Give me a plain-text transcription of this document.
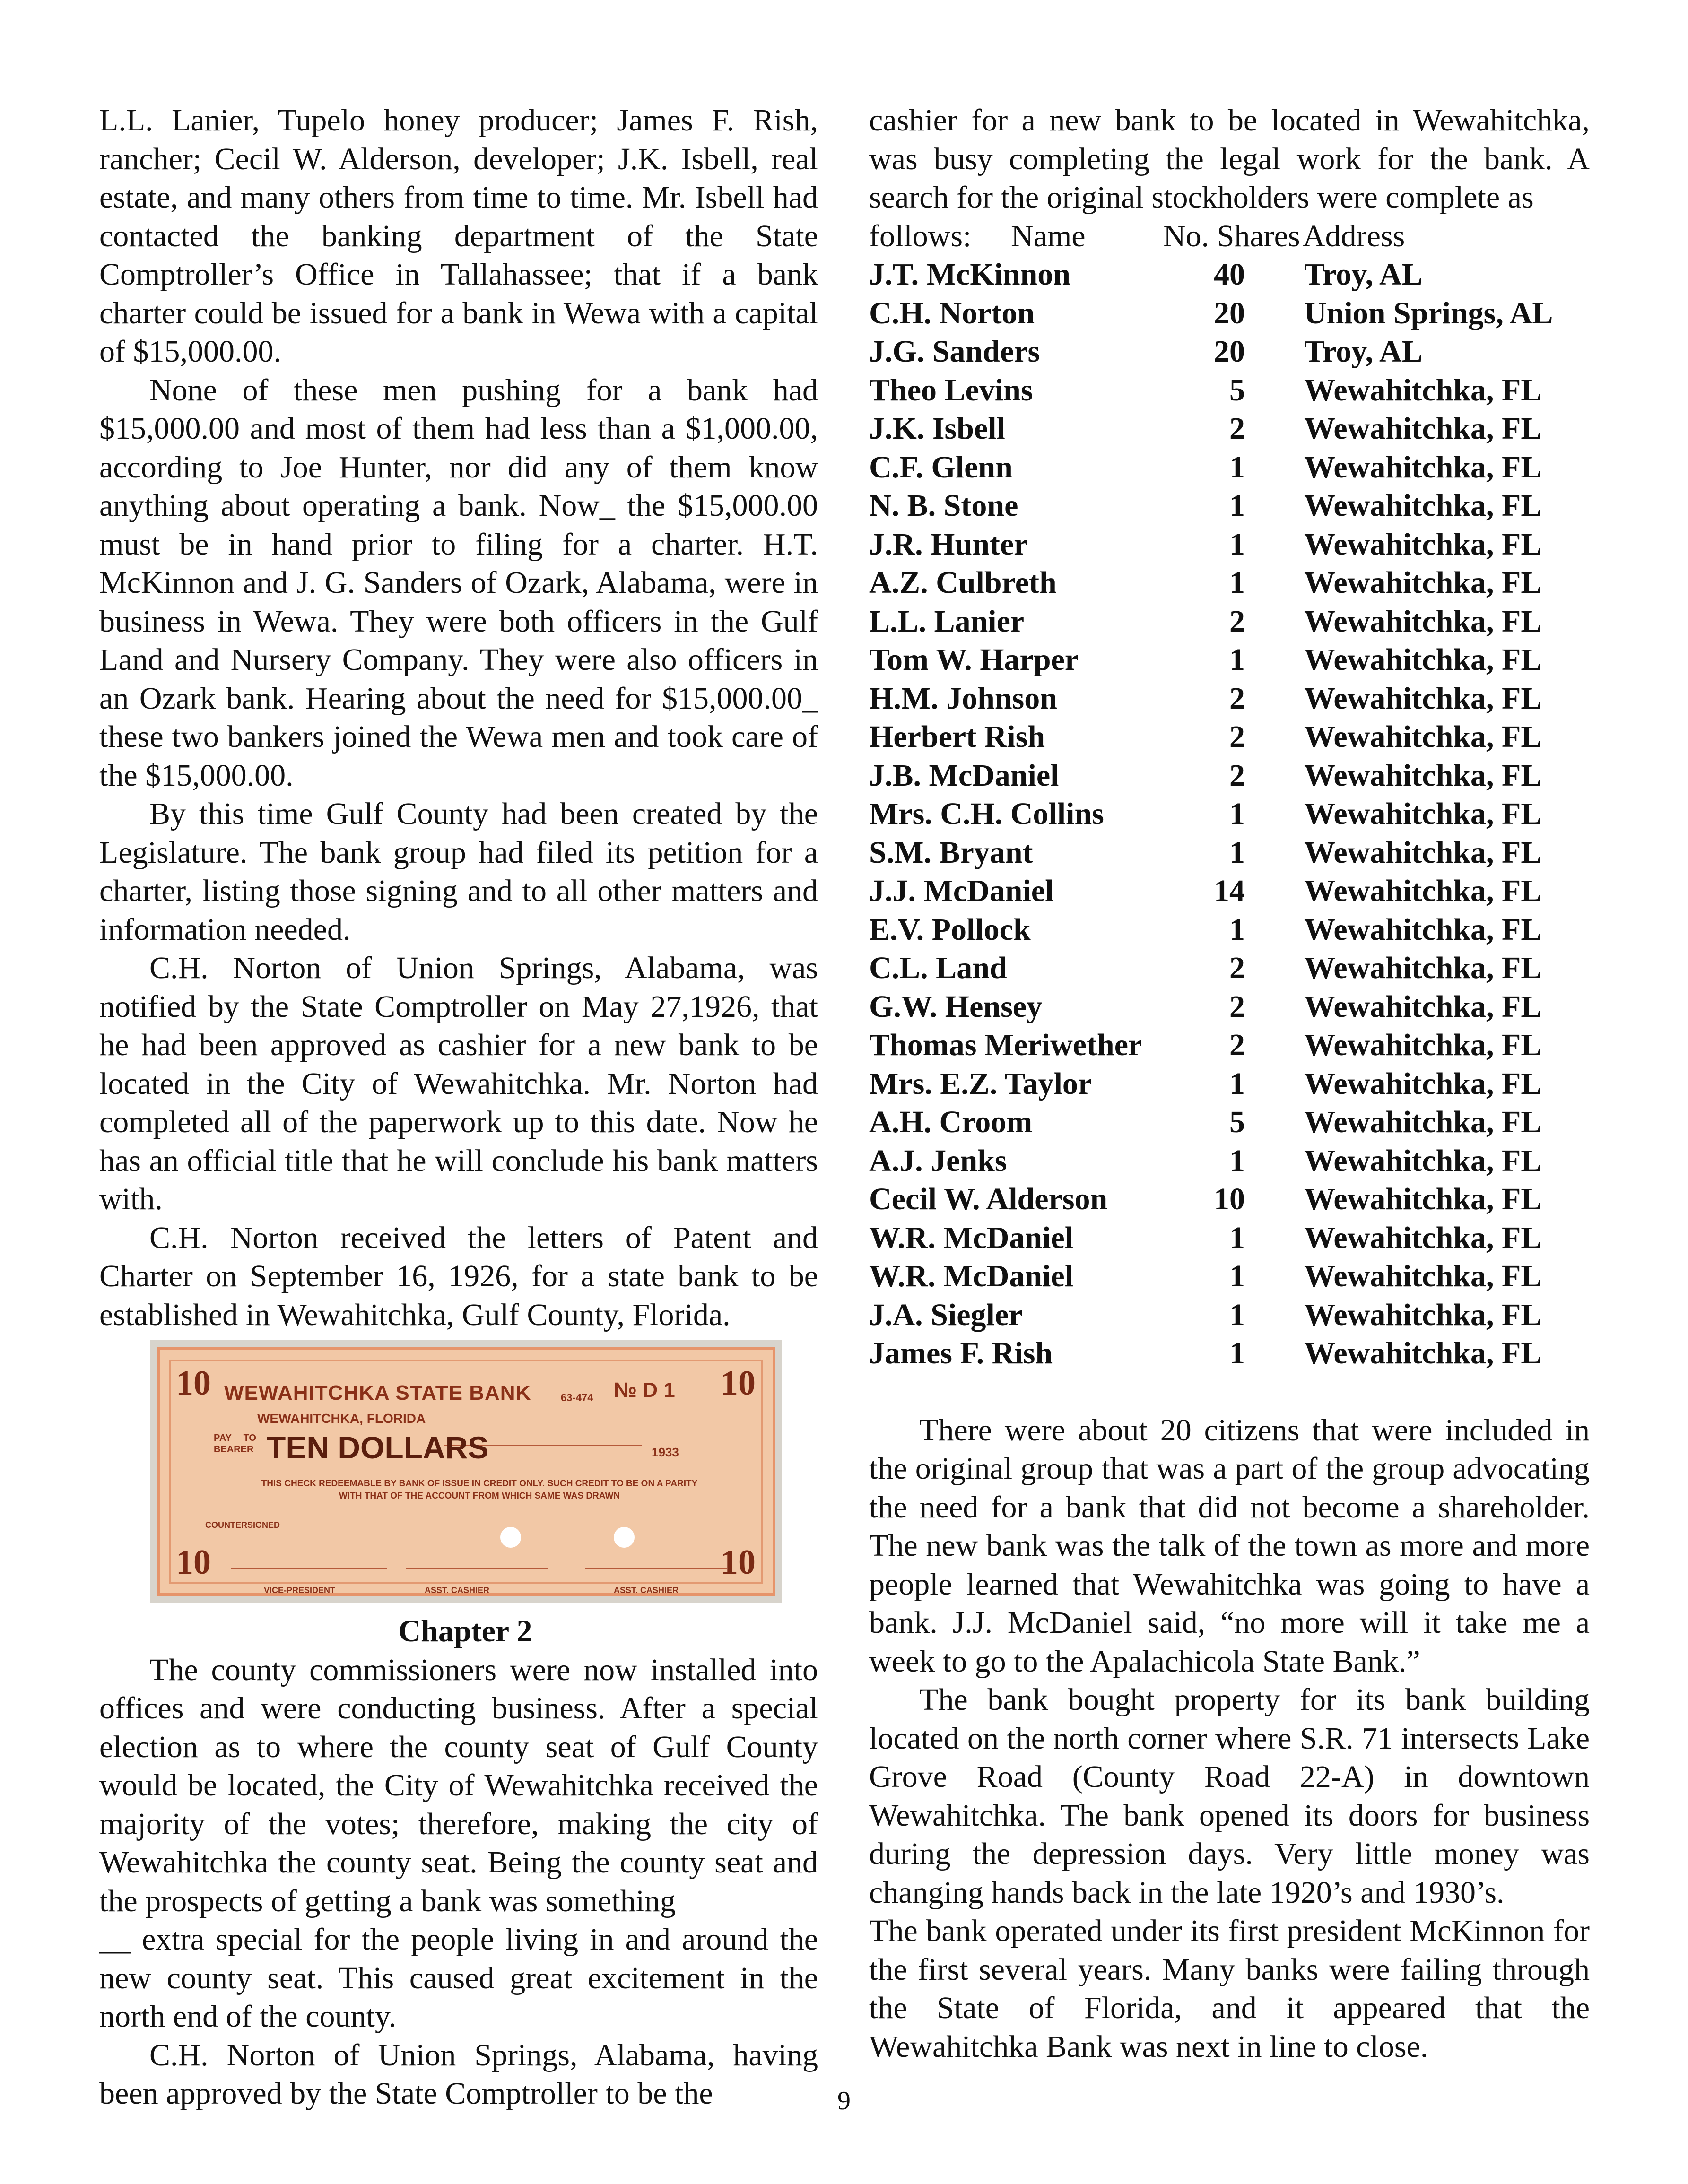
L.L. Lanier, Tupelo honey producer; James F. Rish, rancher; Cecil W. Alderson, developer; J.K. Isbell, real estate, and many others from time to time. Mr. Isbell had contacted the banking department of the State Comptroller’s Office in Tallahassee; that if a bank charter could be issued for a bank in Wewa with a capital of $15,000.00.

None of these men pushing for a bank had $15,000.00 and most of them had less than a $1,000.00, according to Joe Hunter, nor did any of them know anything about operating a bank. Now_ the $15,000.00 must be in hand prior to filing for a charter. H.T. McKinnon and J. G. Sanders of Ozark, Alabama, were in business in Wewa. They were both officers in the Gulf Land and Nursery Company. They were also officers in an Ozark bank. Hearing about the need for $15,000.00_ these two bankers joined the Wewa men and took care of the $15,000.00.

By this time Gulf County had been created by the Legislature. The bank group had filed its petition for a charter, listing those signing and to all other matters and information needed.

C.H. Norton of Union Springs, Alabama, was notified by the State Comptroller on May 27,1926, that he had been approved as cashier for a new bank to be located in the City of Wewahitchka. Mr. Norton had completed all of the paperwork up to this date. Now he has an official title that he will conclude his bank matters with.

C.H. Norton received the letters of Patent and Charter on September 16, 1926, for a state bank to be established in Wewahitchka, Gulf County, Florida.

10	10
10	10
WEWAHITCHKA STATE BANK	63-474 № D 1
WEWAHITCHKA, FLORIDA
1933
PAY TO BEARER TEN DOLLARS
THIS CHECK REDEEMABLE BY BANK OF ISSUE IN CREDIT ONLY. SUCH CREDIT TO BE ON A PARITY
WITH THAT OF THE ACCOUNT FROM WHICH SAME WAS DRAWN
COUNTERSIGNED
VICE-PRESIDENT	ASST. CASHIER	ASST. CASHIER
Chapter 2

The county commissioners were now installed into offices and were conducting business. After a special election as to where the county seat of Gulf County would be located, the City of Wewahitchka received the majority of the votes; therefore, making the city of Wewahitchka the county seat. Being the county seat and the prospects of getting a bank was something

__ extra special for the people living in and around the new county seat. This caused great excitement in the north end of the county.

C.H. Norton of Union Springs, Alabama, having been approved by the State Comptroller to be the

cashier for a new bank to be located in Wewahitchka, was busy completing the legal work for the bank. A search for the original stockholders were complete as

follows:	Name	No. Shares Address
J.T. McKinnon	40	Troy, AL
C.H. Norton	20	Union Springs, AL
J.G. Sanders	20	Troy, AL
Theo Levins	5	Wewahitchka, FL
J.K. Isbell	2	Wewahitchka, FL
C.F. Glenn	1	Wewahitchka, FL
N. B. Stone	1	Wewahitchka, FL
J.R. Hunter	1	Wewahitchka, FL
A.Z. Culbreth	1	Wewahitchka, FL
L.L. Lanier	2	Wewahitchka, FL
Tom W. Harper	1	Wewahitchka, FL
H.M. Johnson	2	Wewahitchka, FL
Herbert Rish	2	Wewahitchka, FL
J.B. McDaniel	2	Wewahitchka, FL
Mrs. C.H. Collins	1	Wewahitchka, FL
S.M. Bryant	1	Wewahitchka, FL
J.J. McDaniel	14	Wewahitchka, FL
E.V. Pollock	1	Wewahitchka, FL
C.L. Land	2	Wewahitchka, FL
G.W. Hensey	2	Wewahitchka, FL
Thomas Meriwether	2	Wewahitchka, FL
Mrs. E.Z. Taylor	1	Wewahitchka, FL
A.H. Croom	5	Wewahitchka, FL
A.J. Jenks	1	Wewahitchka, FL
Cecil W. Alderson	10	Wewahitchka, FL
W.R. McDaniel	1	Wewahitchka, FL
W.R. McDaniel	1	Wewahitchka, FL
J.A. Siegler	1	Wewahitchka, FL
James F. Rish	1	Wewahitchka, FL

There were about 20 citizens that were included in the original group that was a part of the group advocating the need for a bank that did not become a shareholder. The new bank was the talk of the town as more and more people learned that Wewahitchka was going to have a bank. J.J. McDaniel said, “no more will it take me a week to go to the Apalachicola State Bank.”

The bank bought property for its bank building located on the north corner where S.R. 71 intersects Lake Grove Road (County Road 22-A) in downtown Wewahitchka. The bank opened its doors for business during the depression days. Very little money was changing hands back in the late 1920’s and 1930’s.

The bank operated under its first president McKinnon for the first several years. Many banks were failing through the State of Florida, and it appeared that the Wewahitchka Bank was next in line to close.

9
